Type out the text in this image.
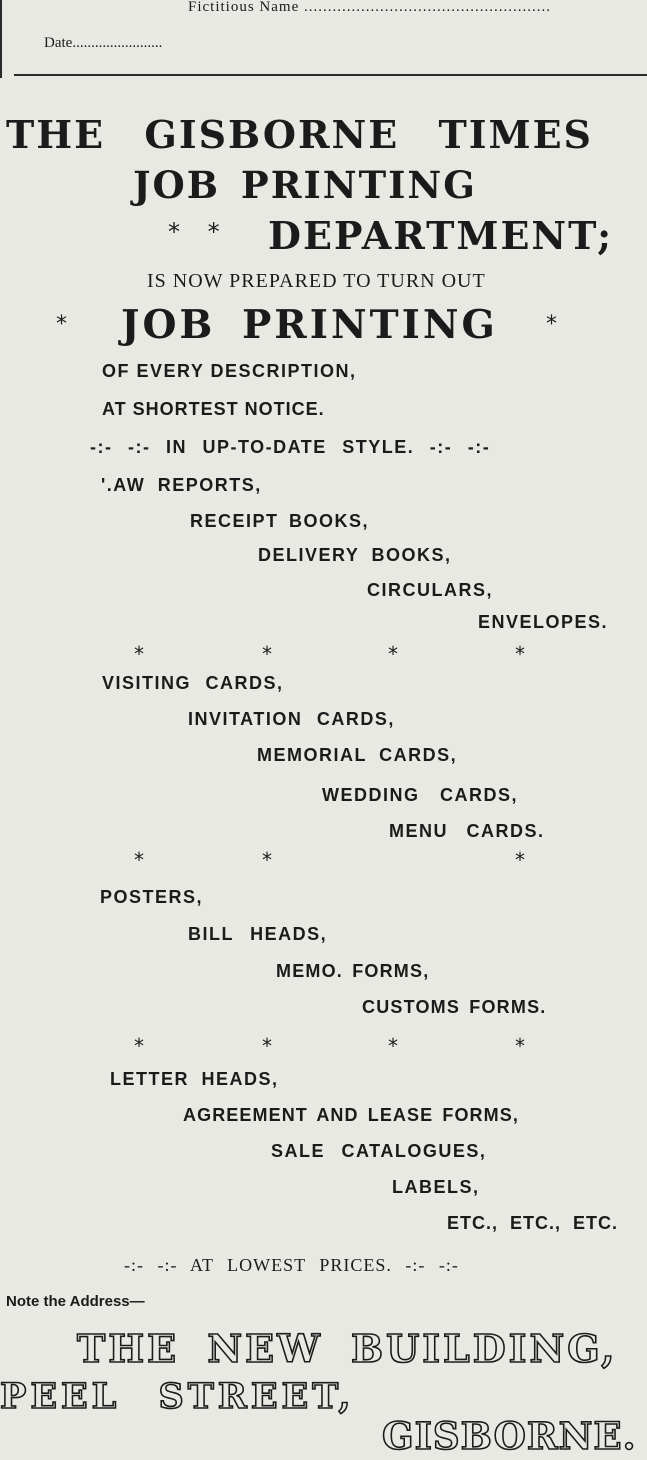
Fictitious Name ....................................................
Date........................
THE GISBORNE TIMES
JOB PRINTING
* * DEPARTMENT;
IS NOW PREPARED TO TURN OUT
* JOB PRINTING *
OF EVERY DESCRIPTION,
AT SHORTEST NOTICE.
-:- -:- IN UP-TO-DATE STYLE. -:- -:-
'.AW REPORTS,
RECEIPT BOOKS,
DELIVERY BOOKS,
CIRCULARS,
ENVELOPES.
*	*	*	*
VISITING CARDS,
INVITATION CARDS,
MEMORIAL CARDS,
WEDDING CARDS,
MENU CARDS.
*	*	*
POSTERS,
BILL HEADS,
MEMO. FORMS,
CUSTOMS FORMS.
*	*	*	*
LETTER HEADS,
AGREEMENT AND LEASE FORMS,
SALE CATALOGUES,
LABELS,
ETC., ETC., ETC.
-:- -:- AT LOWEST PRICES. -:- -:-
Note the Address—
THE NEW BUILDING,
PEEL STREET,
GISBORNE.
